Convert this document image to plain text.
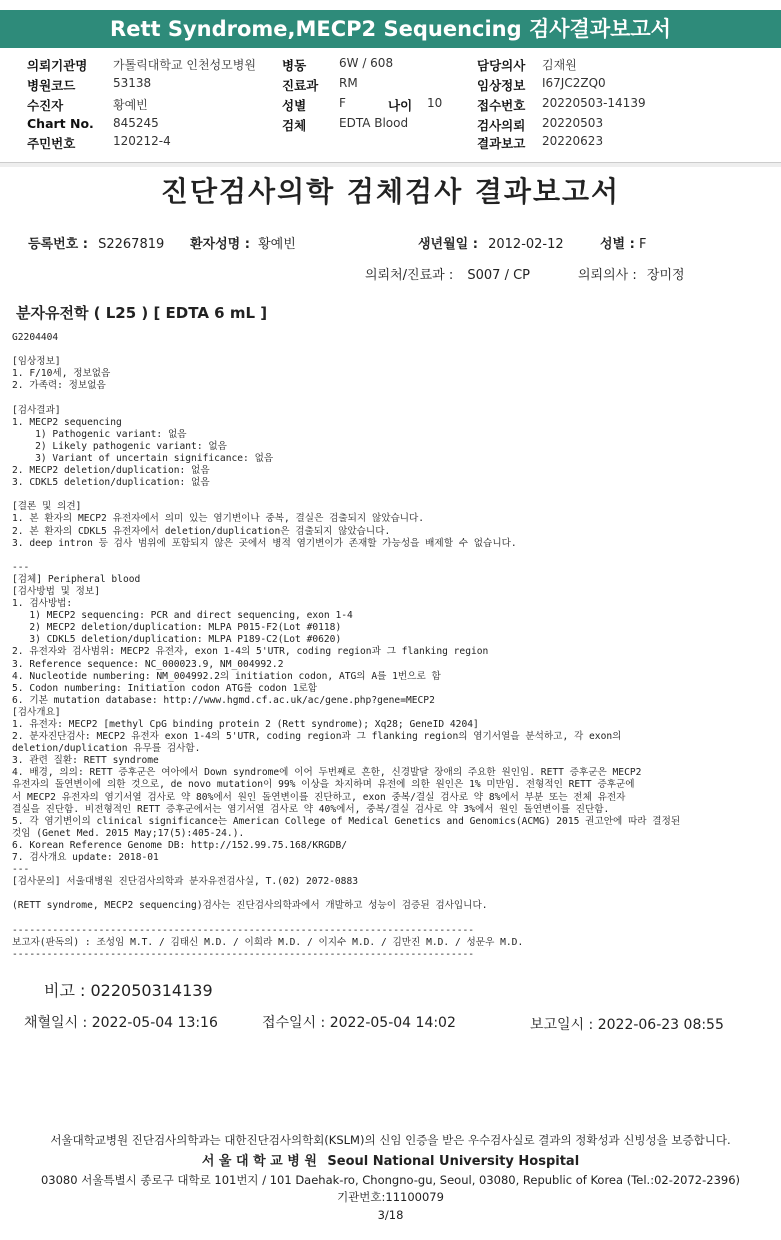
Rett Syndrome,MECP2 Sequencing 검사결과보고서
의뢰기관명 가톨릭대학교 인천성모병원
병원코드	53138
수진자	황예빈
Chart No. 845245
주민번호	120212-4
병동	6W / 608
진료과 RM
성별	F	나이 10
검체	EDTA Blood
담당의사 김재원
임상정보 I67JC2ZQ0
접수번호 20220503-14139
검사의뢰 20220503
결과보고 20220623
진단검사의학 검체검사 결과보고서
등록번호 : S2267819 환자성명 : 황예빈	생년월일 : 2012-02-12	성별 : F
의뢰처/진료과 : S007 / CP	의뢰의사 : 장미정
분자유전학 ( L25 ) [ EDTA 6 mL ]
G2204404

[임상정보]
1. F/10세, 정보없음
2. 가족력: 정보없음

[검사결과]
1. MECP2 sequencing
1) Pathogenic variant: 없음
2) Likely pathogenic variant: 없음
3) Variant of uncertain significance: 없음
2. MECP2 deletion/duplication: 없음
3. CDKL5 deletion/duplication: 없음

[결론 및 의견]
1. 본 환자의 MECP2 유전자에서 의미 있는 염기변이나 중복, 결실은 검출되지 않았습니다.
2. 본 환자의 CDKL5 유전자에서 deletion/duplication은 검출되지 않았습니다.
3. deep intron 등 검사 범위에 포함되지 않은 곳에서 병적 염기변이가 존재할 가능성을 배제할 수 없습니다.

---
[검체] Peripheral blood
[검사방법 및 정보]
1. 검사방법:
1) MECP2 sequencing: PCR and direct sequencing, exon 1-4
2) MECP2 deletion/duplication: MLPA P015-F2(Lot #0118)
3) CDKL5 deletion/duplication: MLPA P189-C2(Lot #0620)
2. 유전자와 검사범위: MECP2 유전자, exon 1-4의 5'UTR, coding region과 그 flanking region
3. Reference sequence: NC_000023.9, NM_004992.2
4. Nucleotide numbering: NM_004992.2의 initiation codon, ATG의 A를 1번으로 함
5. Codon numbering: Initiation codon ATG를 codon 1로함
6. 기본 mutation database: http://www.hgmd.cf.ac.uk/ac/gene.php?gene=MECP2
[검사개요]
1. 유전자: MECP2 [methyl CpG binding protein 2 (Rett syndrome); Xq28; GeneID 4204]
2. 분자진단검사: MECP2 유전자 exon 1-4의 5'UTR, coding region과 그 flanking region의 염기서열을 분석하고, 각 exon의
deletion/duplication 유무를 검사함.
3. 관련 질환: RETT syndrome
4. 배경, 의의: RETT 증후군은 여아에서 Down syndrome에 이어 두번째로 흔한, 신경발달 장애의 주요한 원인임. RETT 증후군은 MECP2
유전자의 돌연변이에 의한 것으로, de novo mutation이 99% 이상을 차지하며 유전에 의한 원인은 1% 미만임. 전형적인 RETT 증후군에
서 MECP2 유전자의 염기서열 검사로 약 80%에서 원인 돌연변이를 진단하고, exon 중복/결실 검사로 약 8%에서 부분 또는 전체 유전자
결실을 진단함. 비전형적인 RETT 증후군에서는 염기서열 검사로 약 40%에서, 중복/결실 검사로 약 3%에서 원인 돌연변이를 진단함.
5. 각 염기변이의 clinical significance는 American College of Medical Genetics and Genomics(ACMG) 2015 권고안에 따라 결정된
것임 (Genet Med. 2015 May;17(5):405-24.).
6. Korean Reference Genome DB: http://152.99.75.168/KRGDB/
7. 검사개요 update: 2018-01
---
[검사문의] 서울대병원 진단검사의학과 분자유전검사실, T.(02) 2072-0883

(RETT syndrome, MECP2 sequencing)검사는 진단검사의학과에서 개발하고 성능이 검증된 검사입니다.

--------------------------------------------------------------------------------
보고자(판독의) : 조성임 M.T. / 김태신 M.D. / 이희라 M.D. / 이지수 M.D. / 김만진 M.D. / 성문우 M.D.
--------------------------------------------------------------------------------
비고 : 022050314139
채혈일시 : 2022-05-04 13:16	접수일시 : 2022-05-04 14:02	보고일시 : 2022-06-23 08:55
서울대학교병원 진단검사의학과는 대한진단검사의학회(KSLM)의 신임 인증을 받은 우수검사실로 결과의 정확성과 신빙성을 보증합니다.
서 울 대 학 교 병 원 Seoul National University Hospital
03080 서울특별시 종로구 대학로 101번지 / 101 Daehak-ro, Chongno-gu, Seoul, 03080, Republic of Korea (Tel.:02-2072-2396)
기관번호:11100079
3/18
